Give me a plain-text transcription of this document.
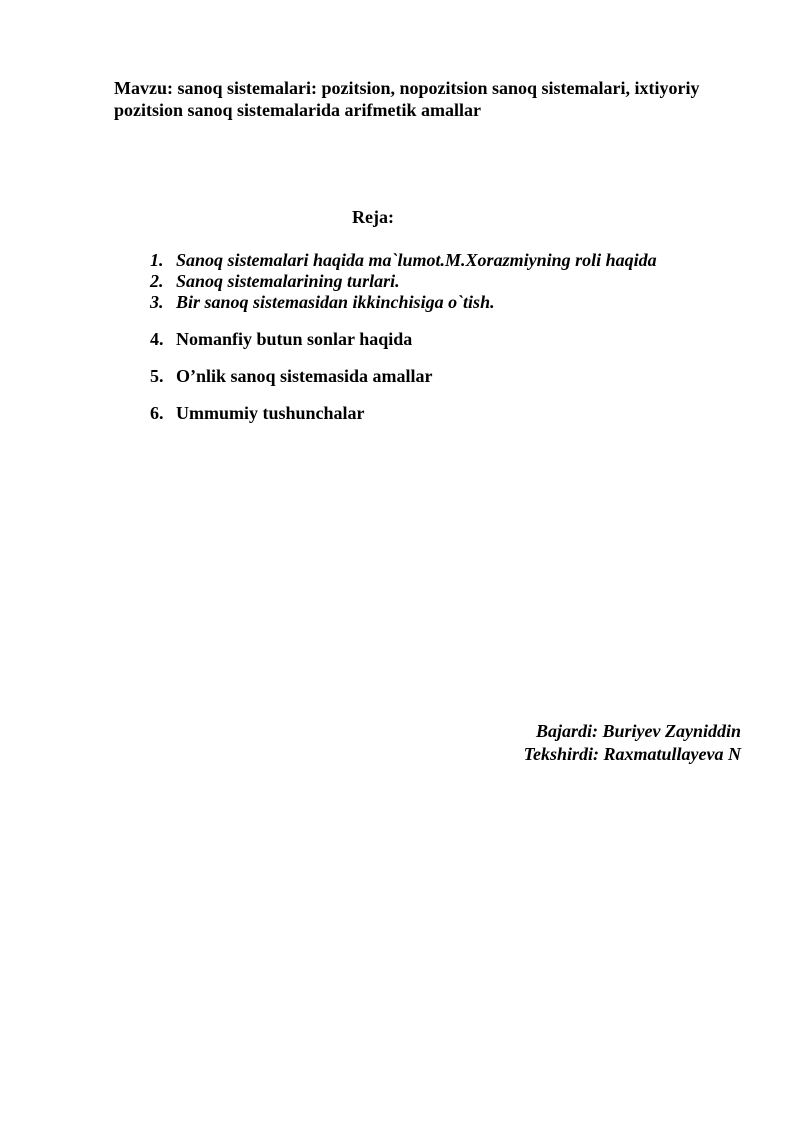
Mavzu: sanoq sistemalari: pozitsion, nopozitsion sanoq sistemalari, ixtiyoriy pozitsion sanoq sistemalarida arifmetik amallar

Reja:

1. Sanoq sistemalari haqida ma`lumot.M.Xorazmiyning roli haqida
2. Sanoq sistemalarining turlari.
3. Bir sanoq sistemasidan ikkinchisiga o`tish.
4. Nomanfiy butun sonlar haqida
5. O’nlik sanoq sistemasida amallar
6. Ummumiy tushunchalar
Bajardi: Buriyev Zayniddin
Tekshirdi: Raxmatullayeva N
